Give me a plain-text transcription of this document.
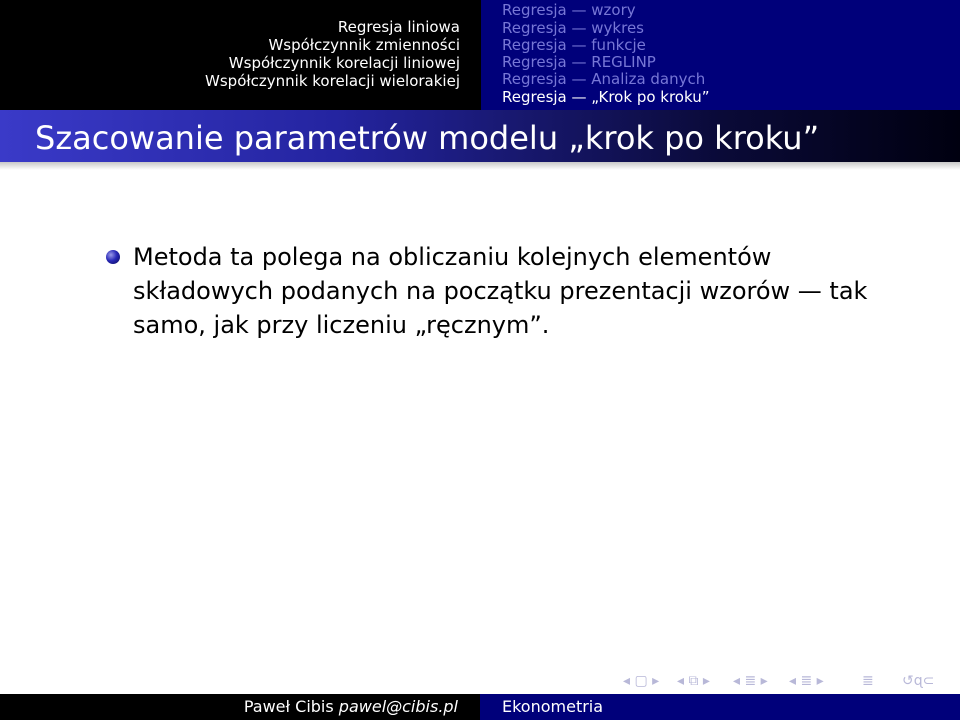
Regresja liniowa
Współczynnik zmienności
Współczynnik korelacji liniowej
Współczynnik korelacji wielorakiej
Regresja — wzory
Regresja — wykres
Regresja — funkcje
Regresja — REGLINP
Regresja — Analiza danych
Regresja — „Krok po kroku”
Szacowanie parametrów modelu „krok po kroku”
Metoda ta polega na obliczaniu kolejnych elementów
składowych podanych na początku prezentacji wzorów — tak
samo, jak przy liczeniu „ręcznym”.
◂ ▢ ▸ ◂ ⧉ ▸ ◂ ≣ ▸ ◂ ≣ ▸	≣ ↺ɋ⊂
Paweł Cibis pawel@cibis.pl	Ekonometria
